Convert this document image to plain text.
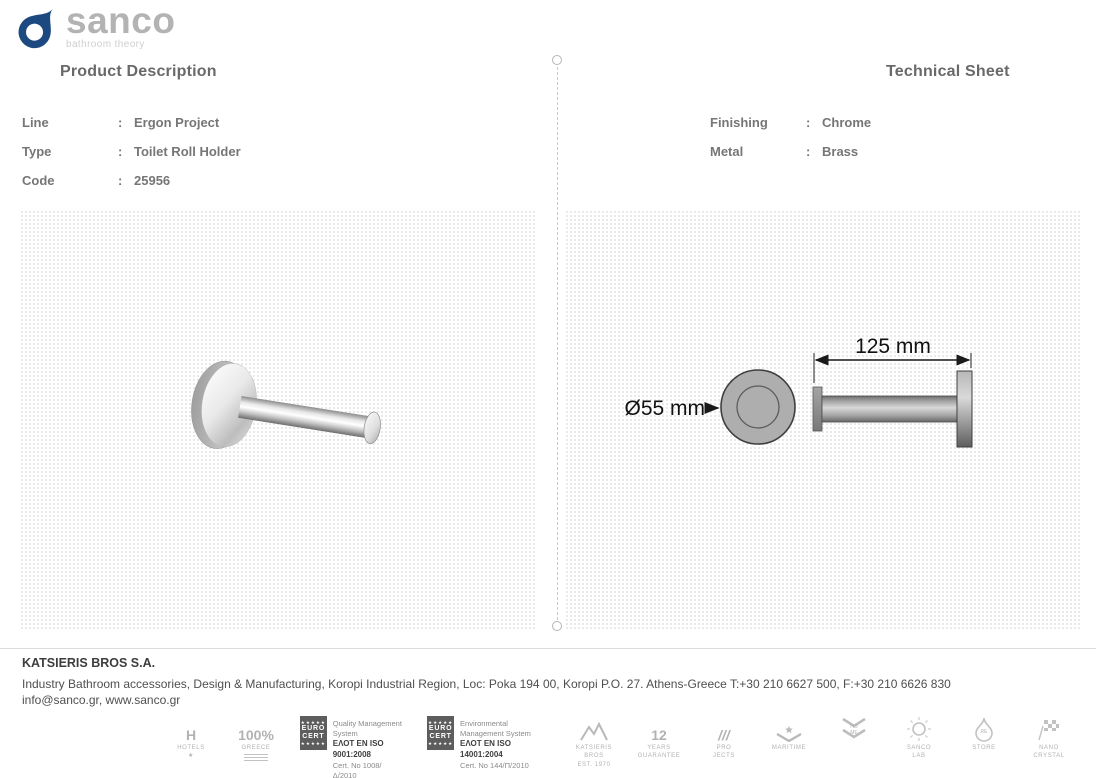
sanco
bathroom theory
Product Description	Technical Sheet
Line	: Ergon Project
Type	: Toilet Roll Holder
Code	: 25956
Finishing	: Chrome
Metal	: Brass
Ø55 mm
125 mm
KATSIERIS BROS S.A.
Industry Bathroom accessories, Design & Manufacturing, Koropi Industrial Region, Loc: Poka 194 00, Koropi P.O. 27. Athens-Greece T:+30 210 6627 500, F:+30 210 6626 830
info@sanco.gr, www.sanco.gr
H
HOTELS
★
100%
GREECE
★★★★★
EURO
CERT
★★★★★
Quality Management System
ΕΛΟΤ EN ISO 9001:2008
Cert. No 1008/Δ/2010
★★★★★
EURO
CERT
★★★★★
Environmental Management System
ΕΛΟΤ EN ISO 14001:2004
Cert. No 144/Π/2010
KATSIERIS
BROS
EST. 1970
12
YEARS
GUARANTEE
///
PRO
JECTS
MARITIME
HO
ME
SANCO
LAB
RE
STORE	NANO
CRYSTAL
